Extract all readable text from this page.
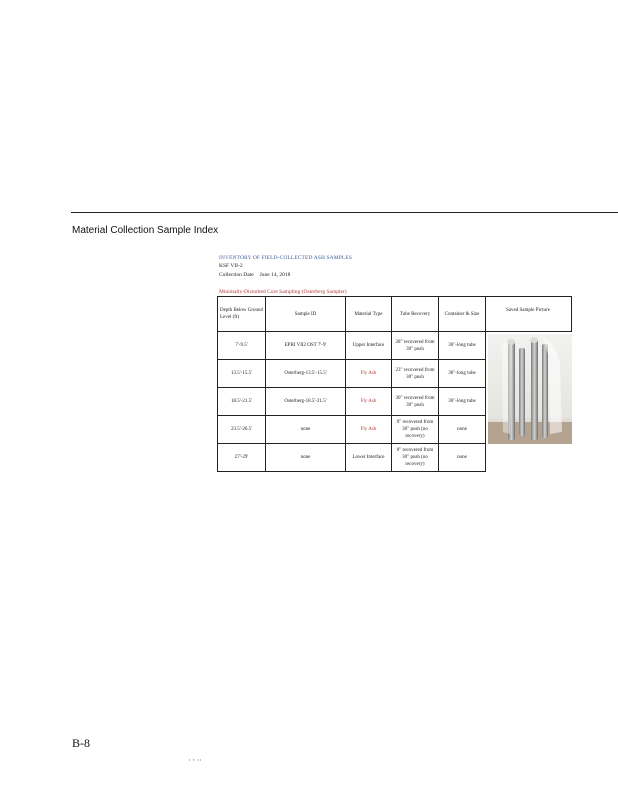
Material Collection Sample Index
INVENTORY OF FIELD-COLLECTED ASH SAMPLES
KSF VII-2
Collection Date June 14, 2018
Minimally-Disturbed Core Sampling (Osterberg Sampler)
Depth Below Ground Level (ft)	Sample ID	Material Type	Tube Recovery	Container & Size
7'-9.5'	EPRI VII2 OST 7'-9'	Upper Interface	28" recovered from 30" push	36"-long tube
13.5'-15.5'	Osterberg-13.5'-15.5'	Fly Ash	23" recovered from 30" push	36"-long tube
18.5'-21.5'	Osterberg-18.5'-21.5'	Fly Ash	30" recovered from 30" push	36"-long tube
23.5'-26.5'	none	Fly Ash	0" recovered from 30" push (no recovery)	none
27'-29'	none	Lower Interface	0" recovered from 30" push (no recovery)	none
Saved Sample Picture
B-8
ɪ ▪ ɪɪ
